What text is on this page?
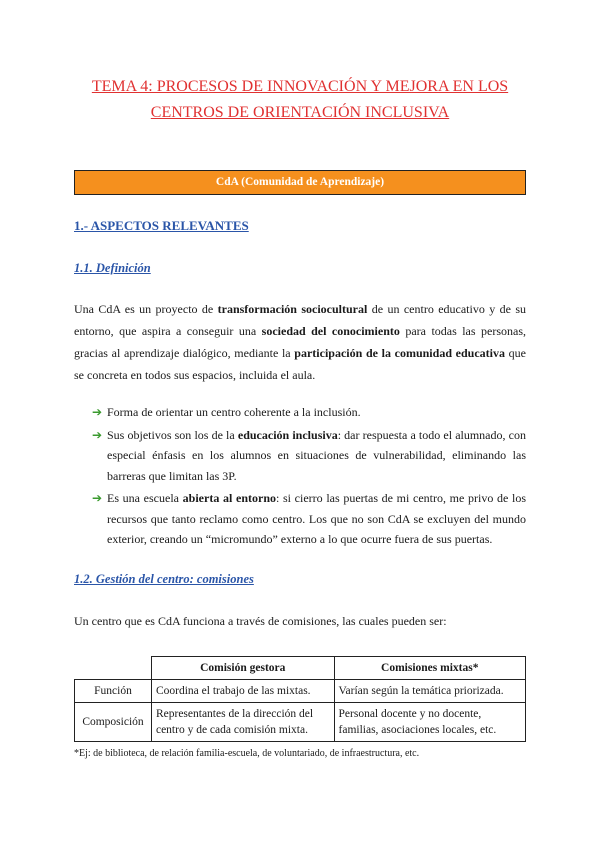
TEMA 4: PROCESOS DE INNOVACIÓN Y MEJORA EN LOS
CENTROS DE ORIENTACIÓN INCLUSIVA
CdA (Comunidad de Aprendizaje)
1.- ASPECTOS RELEVANTES
1.1. Definición

Una CdA es un proyecto de transformación sociocultural de un centro educativo y de su entorno, que aspira a conseguir una sociedad del conocimiento para todas las personas, gracias al aprendizaje dialógico, mediante la participación de la comunidad educativa que se concreta en todos sus espacios, incluida el aula.

➔ Forma de orientar un centro coherente a la inclusión.
➔ Sus objetivos son los de la educación inclusiva: dar respuesta a todo el alumnado, con especial énfasis en los alumnos en situaciones de vulnerabilidad, eliminando las barreras que limitan las 3P.
➔ Es una escuela abierta al entorno: si cierro las puertas de mi centro, me privo de los recursos que tanto reclamo como centro. Los que no son CdA se excluyen del mundo exterior, creando un “micromundo” externo a lo que ocurre fuera de sus puertas.
1.2. Gestión del centro: comisiones

Un centro que es CdA funciona a través de comisiones, las cuales pueden ser:

	Comisión gestora	Comisiones mixtas*
Función	Coordina el trabajo de las mixtas.	Varían según la temática priorizada.
Composición	Representantes de la dirección del centro y de cada comisión mixta.	Personal docente y no docente, familias, asociaciones locales, etc.

*Ej: de biblioteca, de relación familia-escuela, de voluntariado, de infraestructura, etc.
